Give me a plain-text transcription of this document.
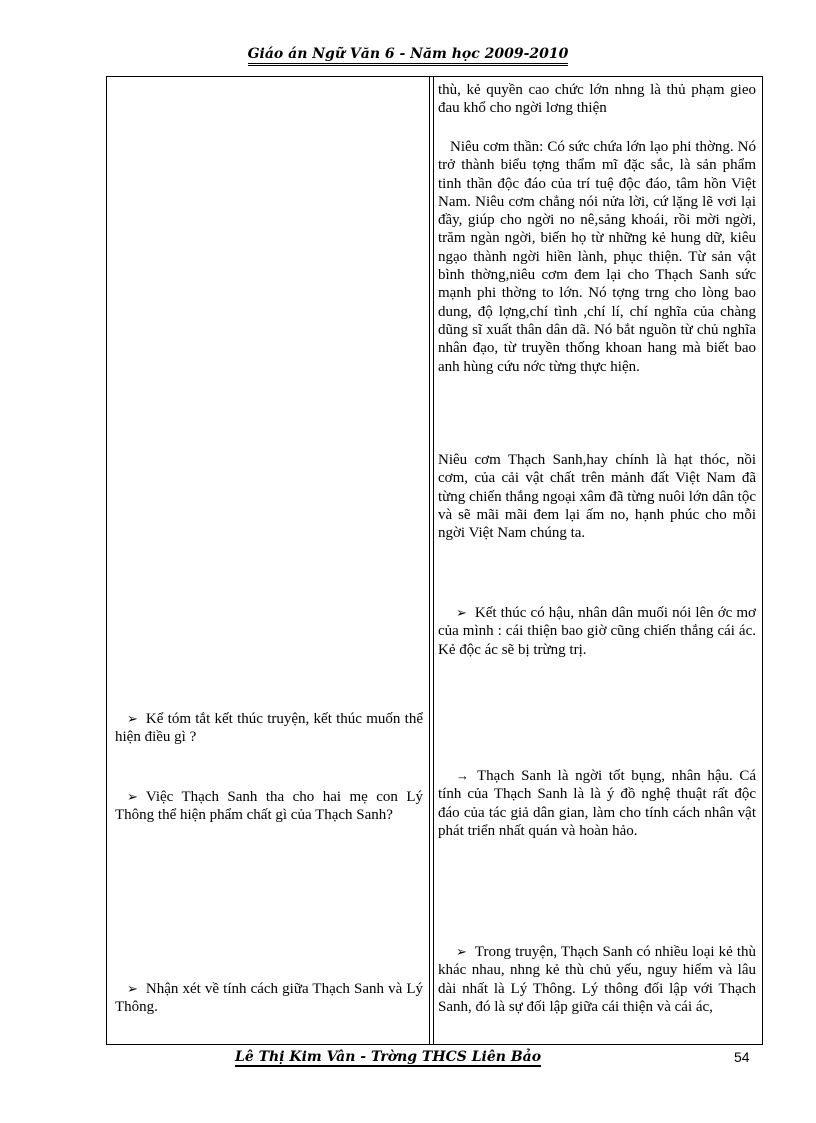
Giáo án Ngữ Văn 6 - Năm học 2009-2010
thù, kẻ quyền cao chức lớn nhng là thủ phạm gieo đau khổ cho ngời lơng thiện
Niêu cơm thần: Có sức chứa lớn lạo phi thờng. Nó trở thành biểu tợng thẩm mĩ đặc sắc, là sản phẩm tinh thần độc đáo của trí tuệ độc đáo, tâm hồn Việt Nam. Niêu cơm chẳng nói nửa lời, cứ lặng lẽ vơi lại đầy, giúp cho ngời no nê,sảng khoái, rồi mời ngời, trăm ngàn ngời, biến họ từ những kẻ hung dữ, kiêu ngạo thành ngời hiền lành, phục thiện. Từ sản vật bình thờng,niêu cơm đem lại cho Thạch Sanh sức mạnh phi thờng to lớn. Nó tợng trng cho lòng bao dung, độ lợng,chí tình ,chí lí, chí nghĩa của chàng dũng sĩ xuất thân dân dã. Nó bắt nguồn từ chủ nghĩa nhân đạo, từ truyền thống khoan hang mà biết bao anh hùng cứu nớc từng thực hiện.
Niêu cơm Thạch Sanh,hay chính là hạt thóc, nồi cơm, của cải vật chất trên mảnh đất Việt Nam đã từng chiến thắng ngoại xâm đã từng nuôi lớn dân tộc và sẽ mãi mãi đem lại ấm no, hạnh phúc cho mỗi ngời Việt Nam chúng ta.
➢ Kết thúc có hậu, nhân dân muối nói lên ớc mơ của mình : cái thiện bao giờ cũng chiến thắng cái ác. Kẻ độc ác sẽ bị trừng trị.
→ Thạch Sanh là ngời tốt bụng, nhân hậu. Cá tính của Thạch Sanh là là ý đồ nghệ thuật rất độc đáo của tác giả dân gian, làm cho tính cách nhân vật phát triển nhất quán và hoàn hảo.
➢ Trong truyện, Thạch Sanh có nhiều loại kẻ thù khác nhau, nhng kẻ thù chủ yếu, nguy hiểm và lâu dài nhất là Lý Thông. Lý thông đối lập với Thạch Sanh, đó là sự đối lập giữa cái thiện và cái ác,
➢ Kể tóm tắt kết thúc truyện, kết thúc muốn thể hiện điều gì ?
➢ Việc Thạch Sanh tha cho hai mẹ con Lý Thông thể hiện phẩm chất gì của Thạch Sanh?
➢ Nhận xét về tính cách giữa Thạch Sanh và Lý Thông.
Lê Thị Kim Vân - Trờng THCS Liên Bảo	54
